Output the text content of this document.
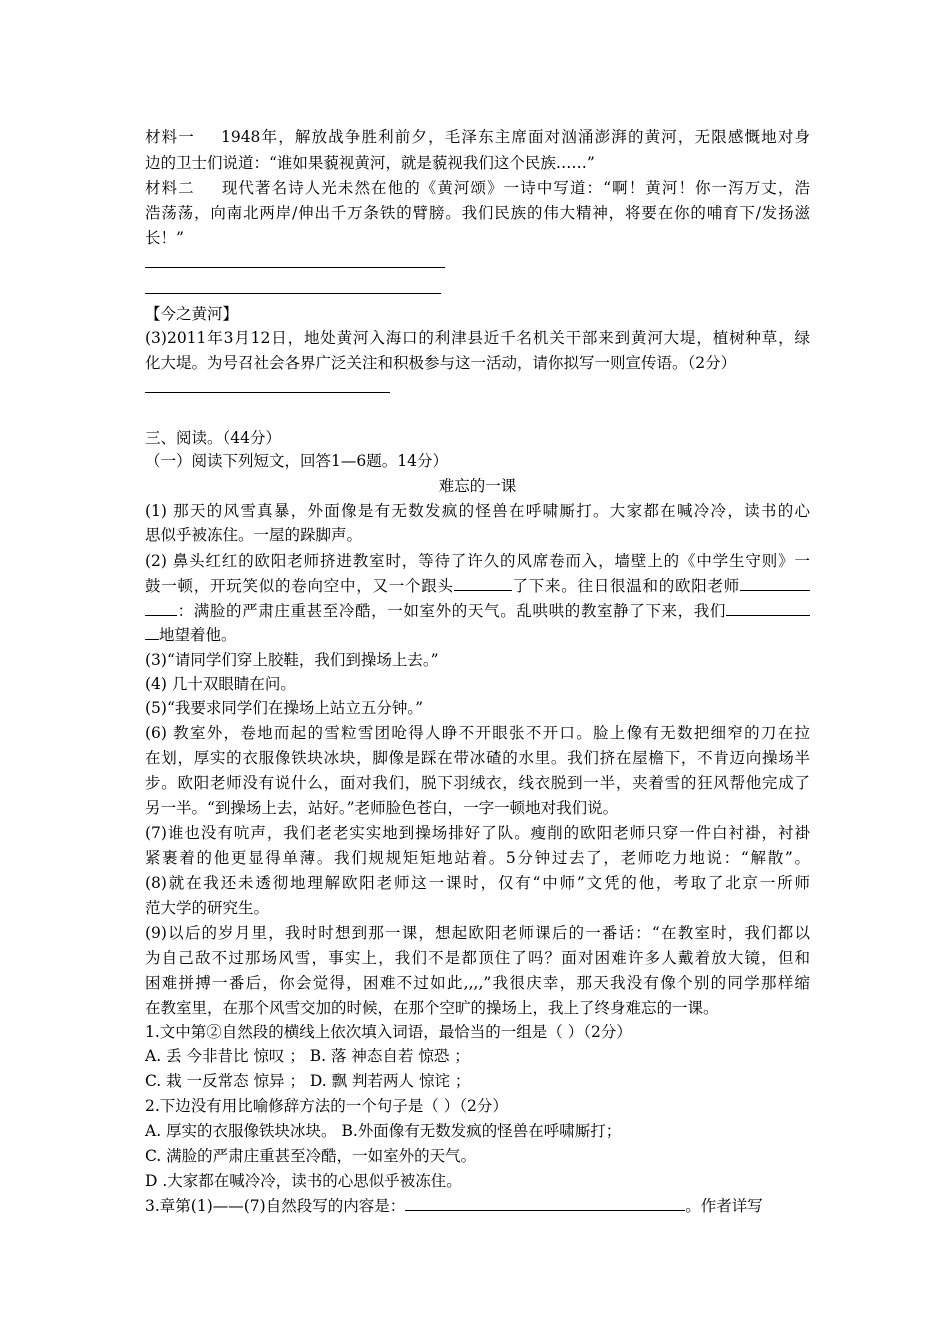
材料一 1948年，解放战争胜利前夕，毛泽东主席面对汹涌澎湃的黄河，无限感慨地对身
边的卫士们说道：“谁如果藐视黄河，就是藐视我们这个民族……”
材料二 现代著名诗人光未然在他的《黄河颂》一诗中写道：“啊！黄河！你一泻万丈，浩
浩荡荡，向南北两岸/伸出千万条铁的臂膀。我们民族的伟大精神，将要在你的哺育下/发扬滋
长！”
【今之黄河】
(3)2011年3月12日，地处黄河入海口的利津县近千名机关干部来到黄河大堤，植树种草，绿
化大堤。为号召社会各界广泛关注和积极参与这一活动，请你拟写一则宣传语。（2分）
三、阅读。（44分）
（一）阅读下列短文，回答1—6题。14分）
难忘的一课
(1) 那天的风雪真暴，外面像是有无数发疯的怪兽在呼啸厮打。大家都在喊冷冷，读书的心
思似乎被冻住。一屋的跺脚声。
(2) 鼻头红红的欧阳老师挤进教室时，等待了许久的风席卷而入，墙壁上的《中学生守则》一
鼓一顿，开玩笑似的卷向空中，又一个跟头	了下来。往日很温和的欧阳老师
：满脸的严肃庄重甚至冷酷，一如室外的天气。乱哄哄的教室静了下来，我们
地望着他。
(3)“请同学们穿上胶鞋，我们到操场上去。”
(4) 几十双眼睛在问。
(5)“我要求同学们在操场上站立五分钟。”
(6) 教室外，卷地而起的雪粒雪团呛得人睁不开眼张不开口。脸上像有无数把细窄的刀在拉
在划，厚实的衣服像铁块冰块，脚像是踩在带冰碴的水里。我们挤在屋檐下，不肯迈向操场半
步。欧阳老师没有说什么，面对我们，脱下羽绒衣，线衣脱到一半，夹着雪的狂风帮他完成了
另一半。“到操场上去，站好。”老师脸色苍白，一字一顿地对我们说。
(7)谁也没有吭声，我们老老实实地到操场排好了队。瘦削的欧阳老师只穿一件白衬褂，衬褂
紧裹着的他更显得单薄。我们规规矩矩地站着。5分钟过去了，老师吃力地说：“解散”。
(8)就在我还未透彻地理解欧阳老师这一课时，仅有“中师”文凭的他，考取了北京一所师
范大学的研究生。
(9)以后的岁月里，我时时想到那一课，想起欧阳老师课后的一番话：“在教室时，我们都以
为自己敌不过那场风雪，事实上，我们不是都顶住了吗？面对困难许多人戴着放大镜，但和
困难拼搏一番后，你会觉得，困难不过如此,,,,”我很庆幸，那天我没有像个别的同学那样缩
在教室里，在那个风雪交加的时候，在那个空旷的操场上，我上了终身难忘的一课。
1.文中第②自然段的横线上依次填入词语，最恰当的一组是（ ）（2分）
A. 丢 今非昔比 惊叹 ； B. 落 神态自若 惊恐 ；
C. 栽 一反常态 惊异 ； D. 飘 判若两人 惊诧 ；
2.下边没有用比喻修辞方法的一个句子是（ ）（2分）
A. 厚实的衣服像铁块冰块。 B.外面像有无数发疯的怪兽在呼啸厮打；
C. 满脸的严肃庄重甚至冷酷，一如室外的天气。
D .大家都在喊冷冷，读书的心思似乎被冻住。
3.章第(1)——(7)自然段写的内容是：	。作者详写
